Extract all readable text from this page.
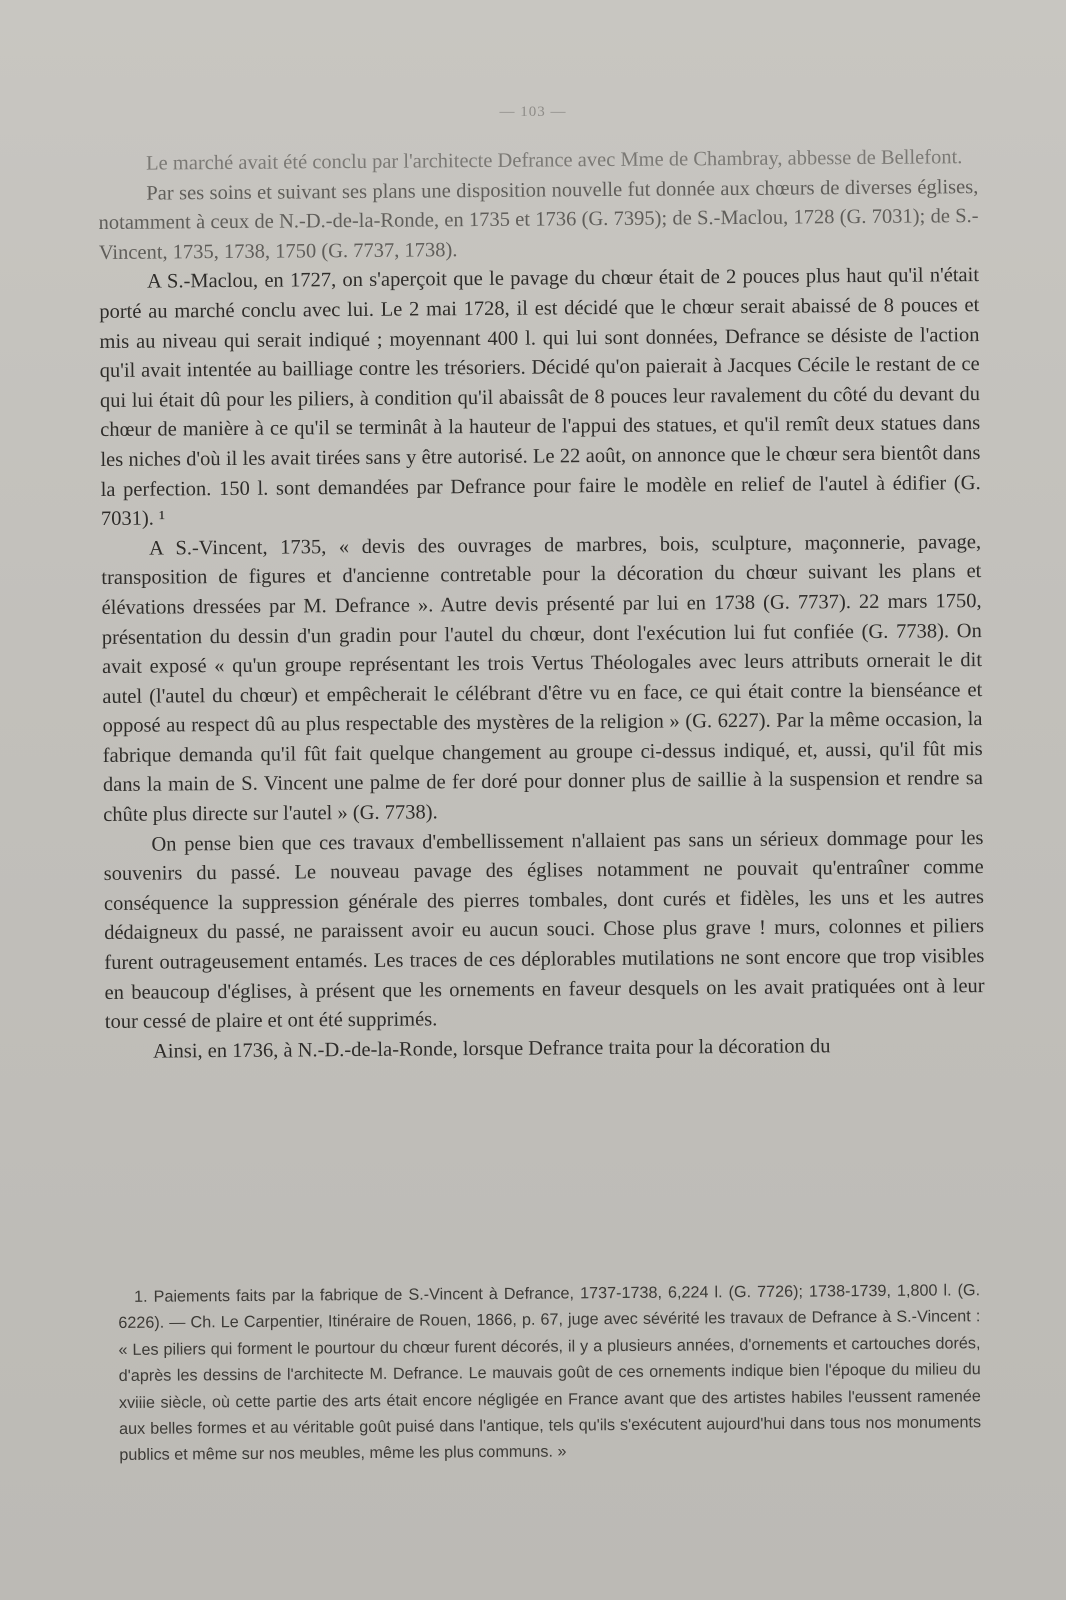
— 103 —

Le marché avait été conclu par l'architecte Defrance avec Mme de Chambray, abbesse de Bellefont.

Par ses soins et suivant ses plans une disposition nouvelle fut donnée aux chœurs de diverses églises, notamment à ceux de N.-D.-de-la-Ronde, en 1735 et 1736 (G. 7395); de S.-Maclou, 1728 (G. 7031); de S.-Vincent, 1735, 1738, 1750 (G. 7737, 1738).

A S.-Maclou, en 1727, on s'aperçoit que le pavage du chœur était de 2 pouces plus haut qu'il n'était porté au marché conclu avec lui. Le 2 mai 1728, il est décidé que le chœur serait abaissé de 8 pouces et mis au niveau qui serait indiqué ; moyennant 400 l. qui lui sont données, Defrance se désiste de l'action qu'il avait intentée au bailliage contre les trésoriers. Décidé qu'on paierait à Jacques Cécile le restant de ce qui lui était dû pour les piliers, à condition qu'il abaissât de 8 pouces leur ravalement du côté du devant du chœur de manière à ce qu'il se terminât à la hauteur de l'appui des statues, et qu'il remît deux statues dans les niches d'où il les avait tirées sans y être autorisé. Le 22 août, on annonce que le chœur sera bientôt dans la perfection. 150 l. sont demandées par Defrance pour faire le modèle en relief de l'autel à édifier (G. 7031). ¹

A S.-Vincent, 1735, « devis des ouvrages de marbres, bois, sculpture, maçonnerie, pavage, transposition de figures et d'ancienne contretable pour la décoration du chœur suivant les plans et élévations dressées par M. Defrance ». Autre devis présenté par lui en 1738 (G. 7737). 22 mars 1750, présentation du dessin d'un gradin pour l'autel du chœur, dont l'exécution lui fut confiée (G. 7738). On avait exposé « qu'un groupe représentant les trois Vertus Théologales avec leurs attributs ornerait le dit autel (l'autel du chœur) et empêcherait le célébrant d'être vu en face, ce qui était contre la bienséance et opposé au respect dû au plus respectable des mystères de la religion » (G. 6227). Par la même occasion, la fabrique demanda qu'il fût fait quelque changement au groupe ci-dessus indiqué, et, aussi, qu'il fût mis dans la main de S. Vincent une palme de fer doré pour donner plus de saillie à la suspension et rendre sa chûte plus directe sur l'autel » (G. 7738).

On pense bien que ces travaux d'embellissement n'allaient pas sans un sérieux dommage pour les souvenirs du passé. Le nouveau pavage des églises notamment ne pouvait qu'entraîner comme conséquence la suppression générale des pierres tombales, dont curés et fidèles, les uns et les autres dédaigneux du passé, ne paraissent avoir eu aucun souci. Chose plus grave ! murs, colonnes et piliers furent outrageusement entamés. Les traces de ces déplorables mutilations ne sont encore que trop visibles en beaucoup d'églises, à présent que les ornements en faveur desquels on les avait pratiquées ont à leur tour cessé de plaire et ont été supprimés.

Ainsi, en 1736, à N.-D.-de-la-Ronde, lorsque Defrance traita pour la décoration du

1. Paiements faits par la fabrique de S.-Vincent à Defrance, 1737-1738, 6,224 l. (G. 7726); 1738-1739, 1,800 l. (G. 6226). — Ch. Le Carpentier, Itinéraire de Rouen, 1866, p. 67, juge avec sévérité les travaux de Defrance à S.-Vincent : « Les piliers qui forment le pourtour du chœur furent décorés, il y a plusieurs années, d'ornements et cartouches dorés, d'après les dessins de l'architecte M. Defrance. Le mauvais goût de ces ornements indique bien l'époque du milieu du xviiie siècle, où cette partie des arts était encore négligée en France avant que des artistes habiles l'eussent ramenée aux belles formes et au véritable goût puisé dans l'antique, tels qu'ils s'exécutent aujourd'hui dans tous nos monuments publics et même sur nos meubles, même les plus communs. »
